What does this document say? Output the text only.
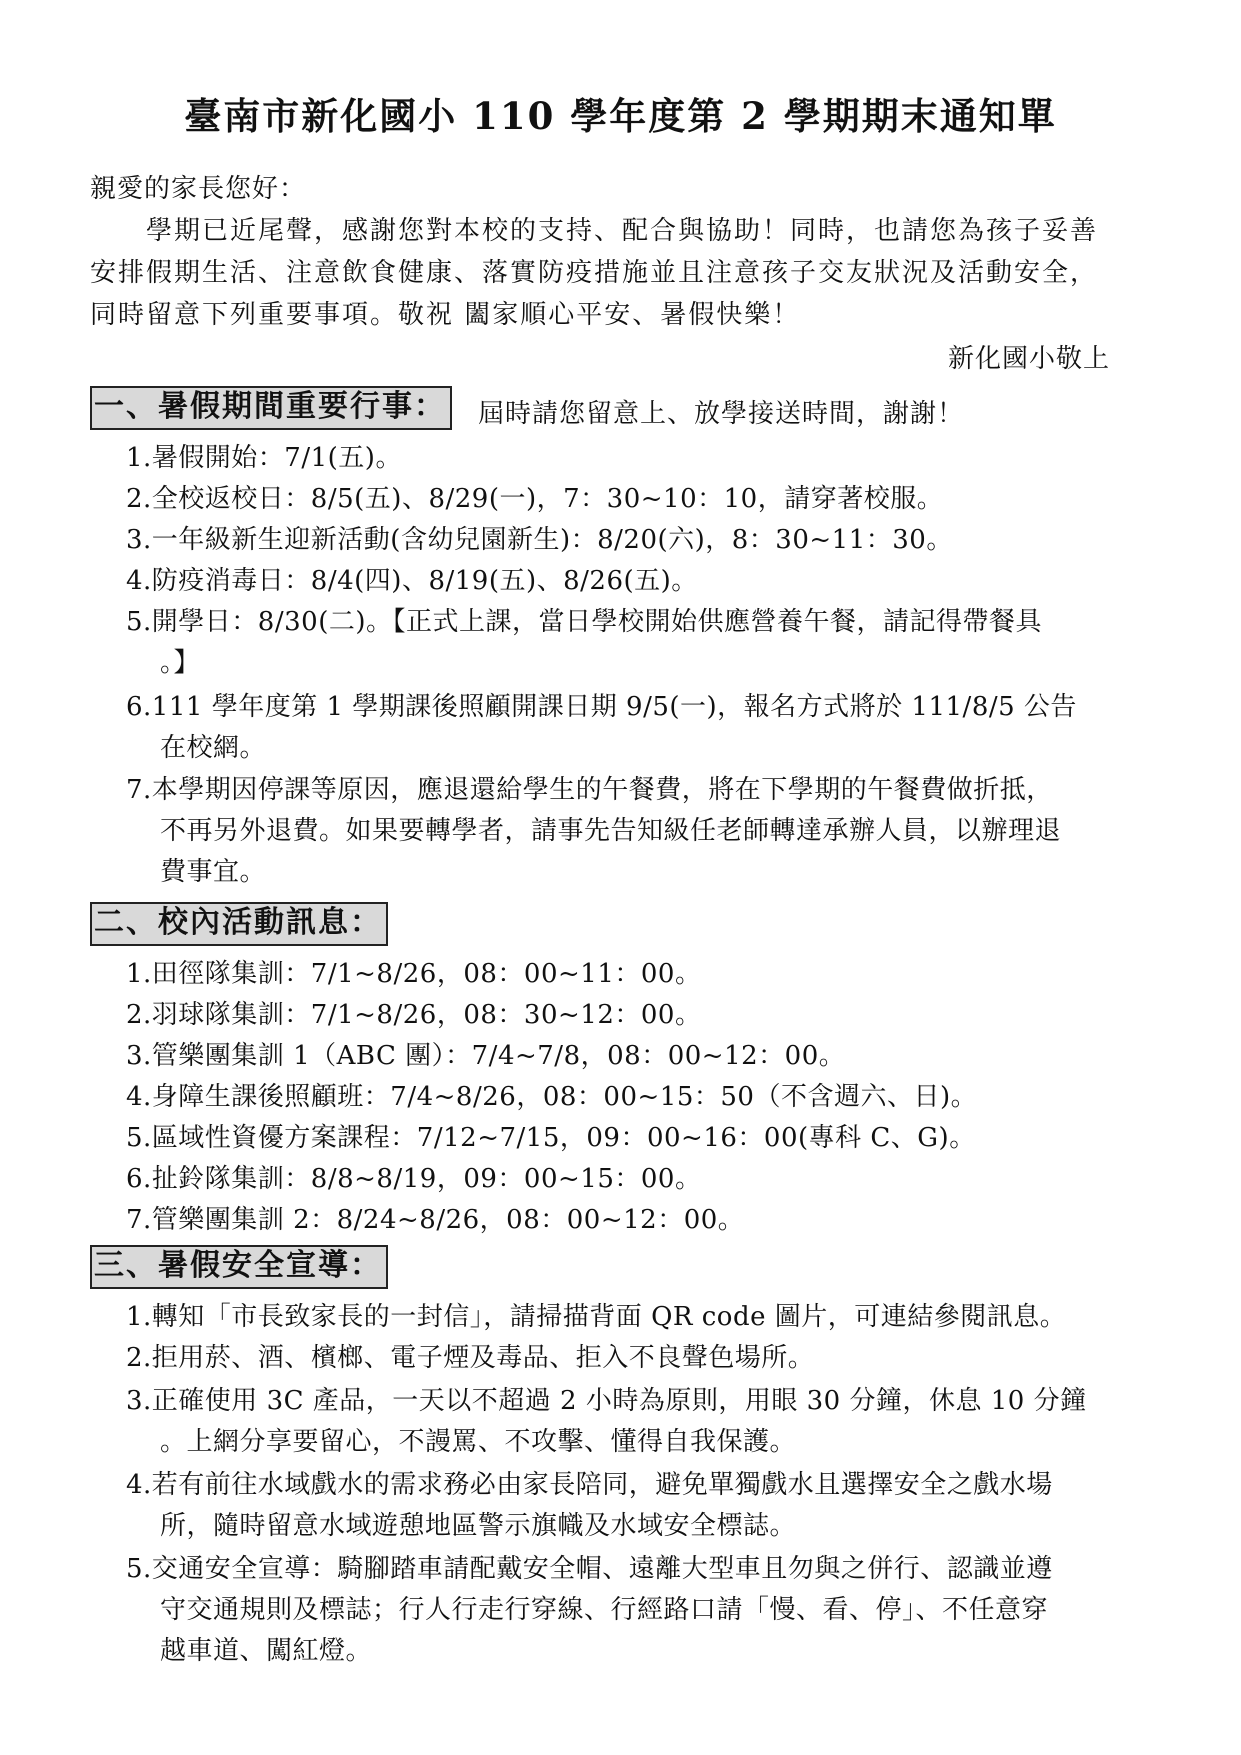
臺南市新化國小 110 學年度第 2 學期期末通知單
親愛的家長您好：
　　學期已近尾聲，感謝您對本校的支持、配合與協助！同時，也請您為孩子妥善
安排假期生活、注意飲食健康、落實防疫措施並且注意孩子交友狀況及活動安全，
同時留意下列重要事項。敬祝 闔家順心平安、暑假快樂！
新化國小敬上
一、暑假期間重要行事： 屆時請您留意上、放學接送時間，謝謝！
1.暑假開始：7/1(五)。
2.全校返校日：8/5(五)、8/29(一)，7：30~10：10，請穿著校服。
3.一年級新生迎新活動(含幼兒園新生)：8/20(六)，8：30~11：30。
4.防疫消毒日：8/4(四)、8/19(五)、8/26(五)。
5.開學日：8/30(二)。【正式上課，當日學校開始供應營養午餐，請記得帶餐具
。】
6.111 學年度第 1 學期課後照顧開課日期 9/5(一)，報名方式將於 111/8/5 公告
在校網。
7.本學期因停課等原因，應退還給學生的午餐費，將在下學期的午餐費做折抵，
不再另外退費。如果要轉學者，請事先告知級任老師轉達承辦人員，以辦理退
費事宜。
二、校內活動訊息：
1.田徑隊集訓：7/1~8/26，08：00~11：00。
2.羽球隊集訓：7/1~8/26，08：30~12：00。
3.管樂團集訓 1（ABC 團）：7/4~7/8，08：00~12：00。
4.身障生課後照顧班：7/4~8/26，08：00~15：50（不含週六、日)。
5.區域性資優方案課程：7/12~7/15，09：00~16：00(專科 C、G)。
6.扯鈴隊集訓：8/8~8/19，09：00~15：00。
7.管樂團集訓 2：8/24~8/26，08：00~12：00。
三、暑假安全宣導：
1.轉知「市長致家長的一封信」，請掃描背面 QR code 圖片，可連結參閱訊息。
2.拒用菸、酒、檳榔、電子煙及毒品、拒入不良聲色場所。
3.正確使用 3C 產品，一天以不超過 2 小時為原則，用眼 30 分鐘，休息 10 分鐘
。上網分享要留心，不謾罵、不攻擊、懂得自我保護。
4.若有前往水域戲水的需求務必由家長陪同，避免單獨戲水且選擇安全之戲水場
所，隨時留意水域遊憩地區警示旗幟及水域安全標誌。
5.交通安全宣導：騎腳踏車請配戴安全帽、遠離大型車且勿與之併行、認識並遵
守交通規則及標誌；行人行走行穿線、行經路口請「慢、看、停」、不任意穿
越車道、闖紅燈。
